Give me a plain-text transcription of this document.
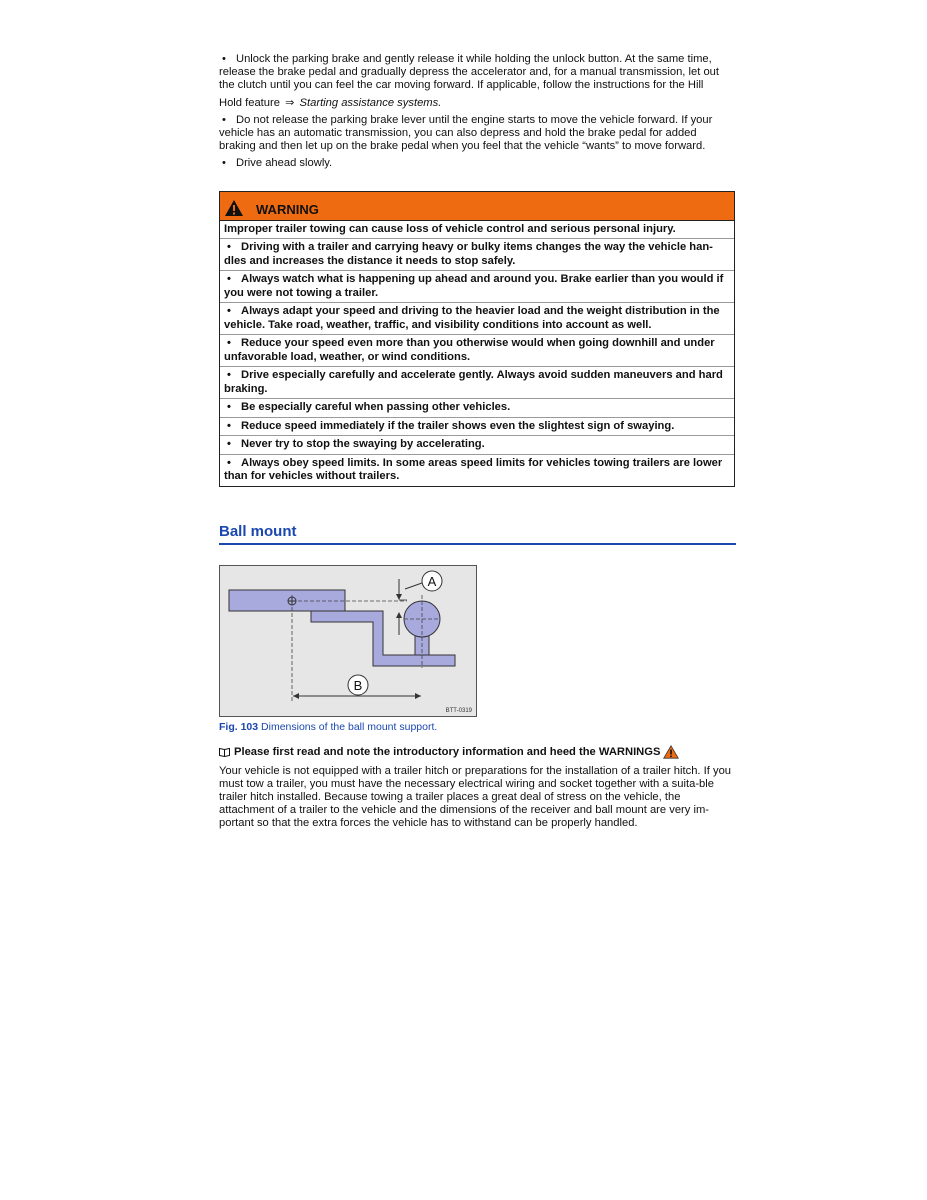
• Unlock the parking brake and gently release it while holding the unlock button. At the same time, release the brake pedal and gradually depress the accelerator and, for a manual transmission, let out the clutch until you can feel the car moving forward. If applicable, follow the instructions for the Hill

Hold feature ⇒ Starting assistance systems.

• Do not release the parking brake lever until the engine starts to move the vehicle forward. If your vehicle has an automatic transmission, you can also depress and hold the brake pedal for added braking and then let up on the brake pedal when you feel that the vehicle “wants” to move forward.

• Drive ahead slowly.

WARNING
Improper trailer towing can cause loss of vehicle control and serious personal injury.
• Driving with a trailer and carrying heavy or bulky items changes the way the vehicle han-dles and increases the distance it needs to stop safely.
• Always watch what is happening up ahead and around you. Brake earlier than you would if you were not towing a trailer.
• Always adapt your speed and driving to the heavier load and the weight distribution in the vehicle. Take road, weather, traffic, and visibility conditions into account as well.
• Reduce your speed even more than you otherwise would when going downhill and under unfavorable load, weather, or wind conditions.
• Drive especially carefully and accelerate gently. Always avoid sudden maneuvers and hard braking.
• Be especially careful when passing other vehicles.
• Reduce speed immediately if the trailer shows even the slightest sign of swaying.
• Never try to stop the swaying by accelerating.
• Always obey speed limits. In some areas speed limits for vehicles towing trailers are lower than for vehicles without trailers.
Ball mount
A
B
BTT-0319
Fig. 103 Dimensions of the ball mount support.
Please first read and note the introductory information and heed the WARNINGS
Your vehicle is not equipped with a trailer hitch or preparations for the installation of a trailer hitch. If you must tow a trailer, you must have the necessary electrical wiring and socket together with a suita-ble trailer hitch installed. Because towing a trailer places a great deal of stress on the vehicle, the attachment of a trailer to the vehicle and the dimensions of the receiver and ball mount are very im-portant so that the extra forces the vehicle has to withstand can be properly handled.
